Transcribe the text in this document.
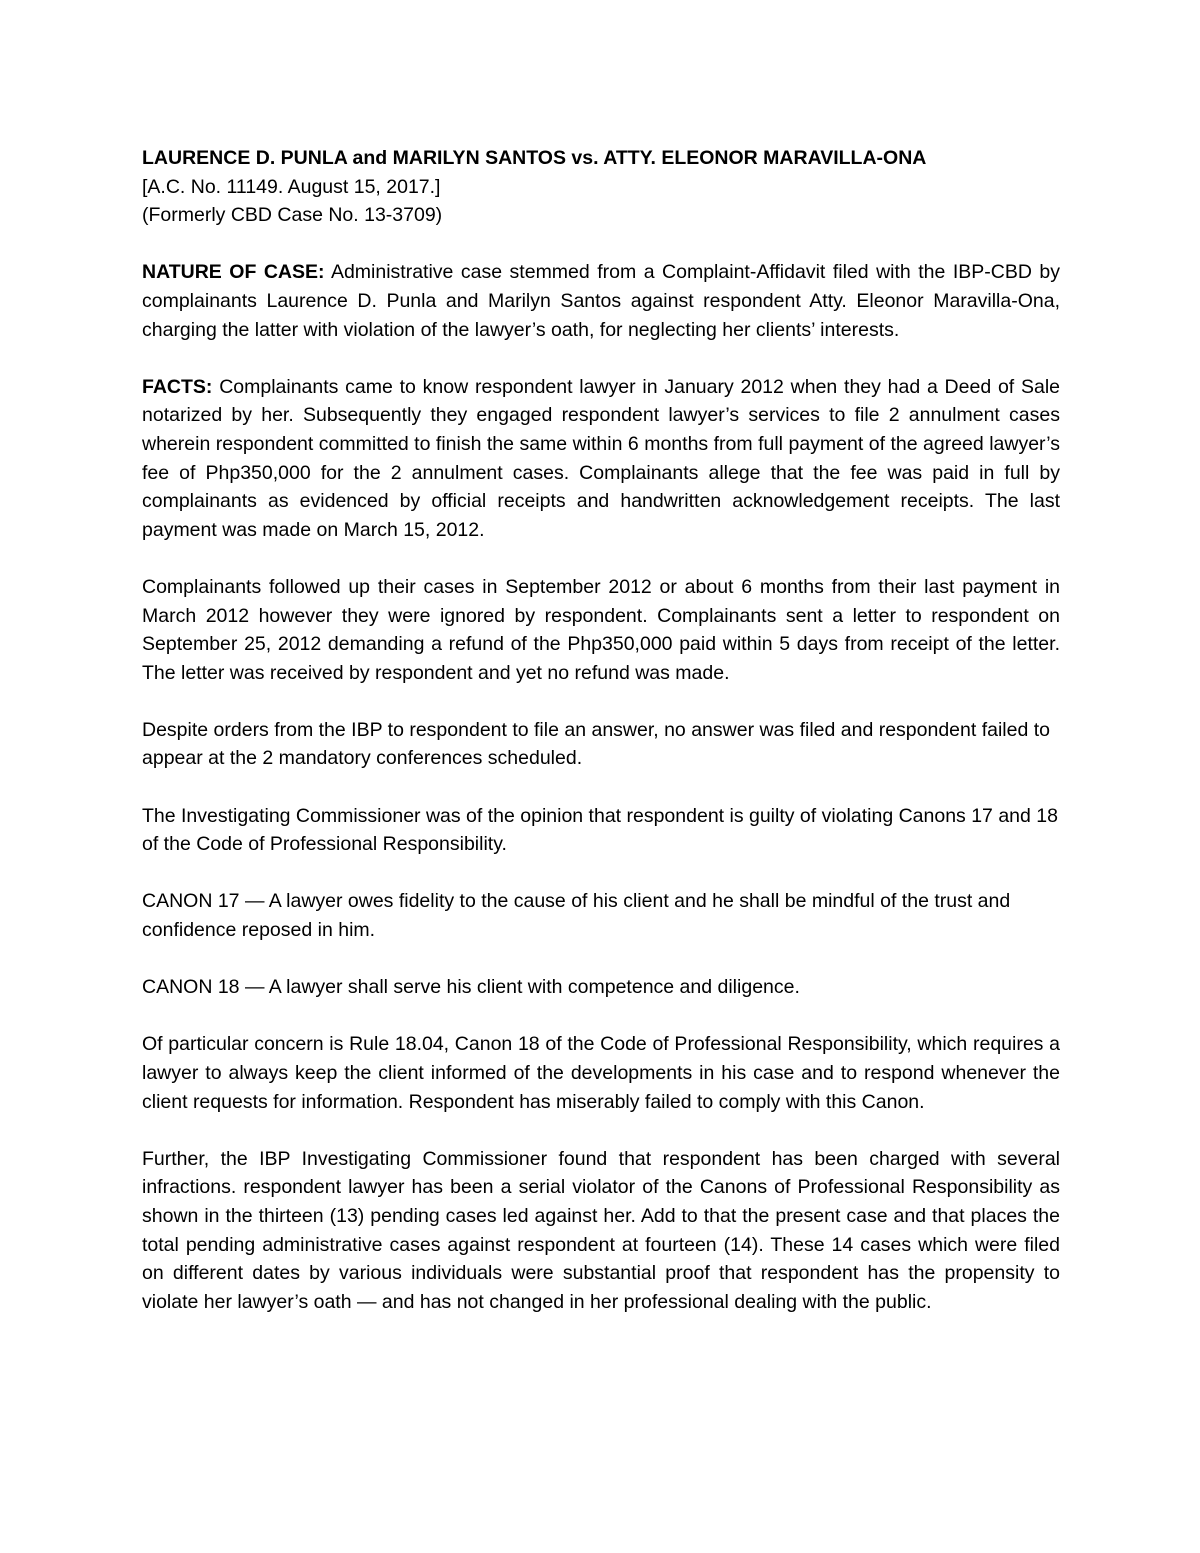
LAURENCE D. PUNLA and MARILYN SANTOS vs. ATTY. ELEONOR MARAVILLA-ONA
[A.C. No. 11149. August 15, 2017.]
(Formerly CBD Case No. 13-3709)
NATURE OF CASE: Administrative case stemmed from a Complaint-Affidavit filed with the IBP-CBD by complainants Laurence D. Punla and Marilyn Santos against respondent Atty. Eleonor Maravilla-Ona, charging the latter with violation of the lawyer’s oath, for neglecting her clients’ interests.
FACTS: Complainants came to know respondent lawyer in January 2012 when they had a Deed of Sale notarized by her. Subsequently they engaged respondent lawyer’s services to file 2 annulment cases wherein respondent committed to finish the same within 6 months from full payment of the agreed lawyer’s fee of Php350,000 for the 2 annulment cases. Complainants allege that the fee was paid in full by complainants as evidenced by official receipts and handwritten acknowledgement receipts. The last payment was made on March 15, 2012.
Complainants followed up their cases in September 2012 or about 6 months from their last payment in March 2012 however they were ignored by respondent. Complainants sent a letter to respondent on September 25, 2012 demanding a refund of the Php350,000 paid within 5 days from receipt of the letter. The letter was received by respondent and yet no refund was made.
Despite orders from the IBP to respondent to file an answer, no answer was filed and respondent failed to appear at the 2 mandatory conferences scheduled.
The Investigating Commissioner was of the opinion that respondent is guilty of violating Canons 17 and 18 of the Code of Professional Responsibility.
CANON 17 — A lawyer owes fidelity to the cause of his client and he shall be mindful of the trust and confidence reposed in him.
CANON 18 — A lawyer shall serve his client with competence and diligence.
Of particular concern is Rule 18.04, Canon 18 of the Code of Professional Responsibility, which requires a lawyer to always keep the client informed of the developments in his case and to respond whenever the client requests for information. Respondent has miserably failed to comply with this Canon.
Further, the IBP Investigating Commissioner found that respondent has been charged with several infractions. respondent lawyer has been a serial violator of the Canons of Professional Responsibility as shown in the thirteen (13) pending cases led against her. Add to that the present case and that places the total pending administrative cases against respondent at fourteen (14). These 14 cases which were filed on different dates by various individuals were substantial proof that respondent has the propensity to violate her lawyer’s oath — and has not changed in her professional dealing with the public.
